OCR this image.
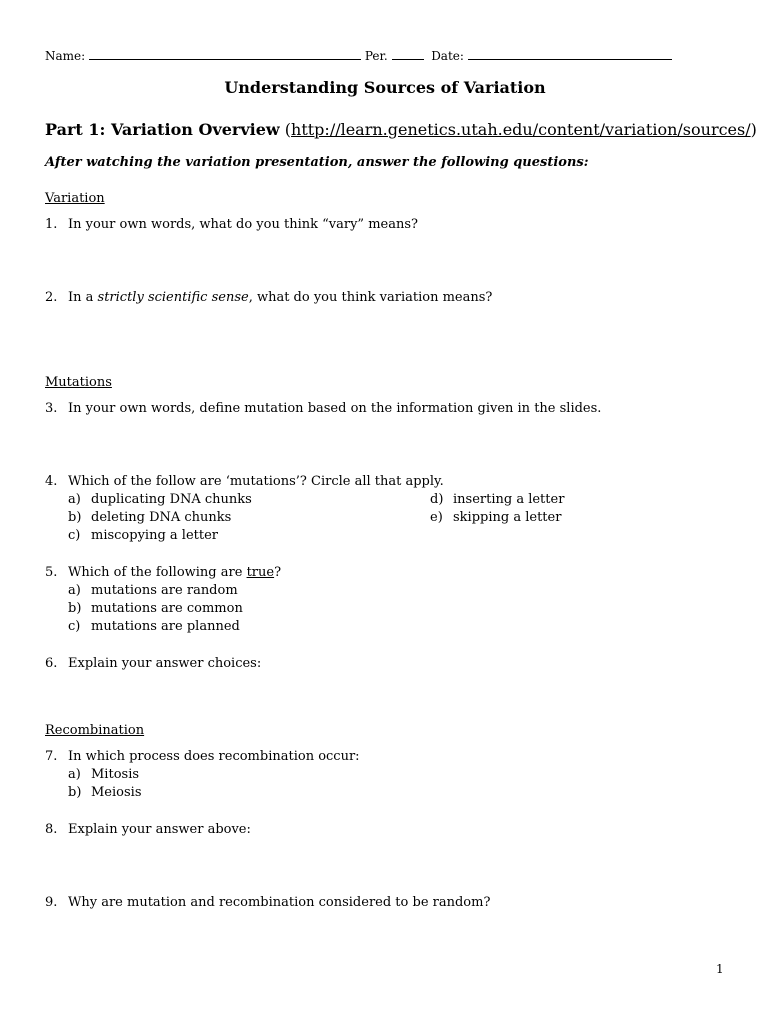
Name:	Per.	Date:
Understanding Sources of Variation
Part 1: Variation Overview (http://learn.genetics.utah.edu/content/variation/sources/)
After watching the variation presentation, answer the following questions:
Variation
1. In your own words, what do you think “vary” means?
2. In a strictly scientific sense, what do you think variation means?
Mutations
3. In your own words, define mutation based on the information given in the slides.
4. Which of the follow are ‘mutations’? Circle all that apply.
a) duplicating DNA chunks
b) deleting DNA chunks
c) miscopying a letter
d) inserting a letter
e) skipping a letter
5. Which of the following are true?
a) mutations are random
b) mutations are common
c) mutations are planned
6. Explain your answer choices:
Recombination
7. In which process does recombination occur:
a) Mitosis
b) Meiosis
8. Explain your answer above:
9. Why are mutation and recombination considered to be random?
1
